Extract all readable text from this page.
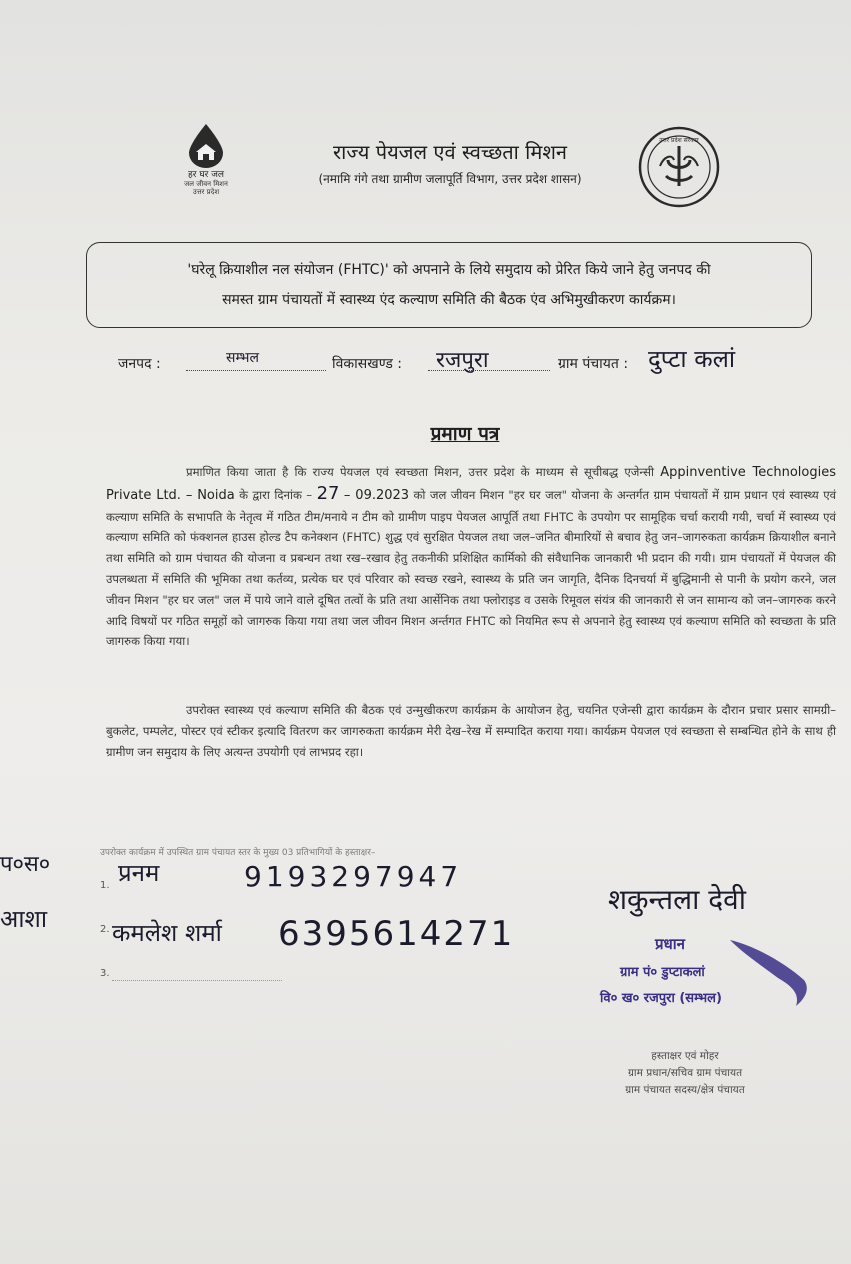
हर घर जल
जल जीवन मिशन
उत्तर प्रदेश
राज्य पेयजल एवं स्वच्छता मिशन
(नमामि गंगे तथा ग्रामीण जलापूर्ति विभाग, उत्तर प्रदेश शासन)
उत्तर प्रदेश सरकार
'घरेलू क्रियाशील नल संयोजन (FHTC)' को अपनाने के लिये समुदाय को प्रेरित किये जाने हेतु जनपद की
समस्त ग्राम पंचायतों में स्वास्थ्य एंद कल्याण समिति की बैठक एंव अभिमुखीकरण कार्यक्रम।
जनपद :	सम्भल	विकासखण्ड : रजपुरा	ग्राम पंचायत : दुप्टा कलां
प्रमाण पत्र
प्रमाणित किया जाता है कि राज्य पेयजल एवं स्वच्छता मिशन, उत्तर प्रदेश के माध्यम से सूचीबद्ध एजेन्सी Appinventive Technologies Private Ltd. – Noida के द्वारा दिनांक – 27 – 09.2023 को जल जीवन मिशन "हर घर जल" योजना के अन्तर्गत ग्राम पंचायतों में ग्राम प्रधान एवं स्वास्थ्य एवं कल्याण समिति के सभापति के नेतृत्व में गठित टीम/मनाये न टीम को ग्रामीण पाइप पेयजल आपूर्ति तथा FHTC के उपयोग पर सामूहिक चर्चा करायी गयी, चर्चा में स्वास्थ्य एवं कल्याण समिति को फंक्शनल हाउस होल्ड टैप कनेक्शन (FHTC) शुद्ध एवं सुरक्षित पेयजल तथा जल–जनित बीमारियों से बचाव हेतु जन–जागरुकता कार्यक्रम क्रियाशील बनाने तथा समिति को ग्राम पंचायत की योजना व प्रबन्धन तथा रख–रखाव हेतु तकनीकी प्रशिक्षित कार्मिको की संवैधानिक जानकारी भी प्रदान की गयी। ग्राम पंचायतों में पेयजल की उपलब्धता में समिति की भूमिका तथा कर्तव्य, प्रत्येक घर एवं परिवार को स्वच्छ रखने, स्वास्थ्य के प्रति जन जागृति, दैनिक दिनचर्या में बुद्धिमानी से पानी के प्रयोग करने, जल जीवन मिशन "हर घर जल" जल में पाये जाने वाले दूषित तत्वों के प्रति तथा आर्सेनिक तथा फ्लोराइड व उसके रिमूवल संयंत्र की जानकारी से जन सामान्य को जन–जागरुक करने आदि विषयों पर गठित समूहों को जागरुक किया गया तथा जल जीवन मिशन अर्न्तगत FHTC को नियमित रूप से अपनाने हेतु स्वास्थ्य एवं कल्याण समिति को स्वच्छता के प्रति जागरुक किया गया।
उपरोक्त स्वास्थ्य एवं कल्याण समिति की बैठक एवं उन्मुखीकरण कार्यक्रम के आयोजन हेतु, चयनित एजेन्सी द्वारा कार्यक्रम के दौरान प्रचार प्रसार सामग्री–बुकलेट, पम्पलेट, पोस्टर एवं स्टीकर इत्यादि वितरण कर जागरुकता कार्यक्रम मेरी देख–रेख में सम्पादित कराया गया। कार्यक्रम पेयजल एवं स्वच्छता से सम्बन्धित होने के साथ ही ग्रामीण जन समुदाय के लिए अत्यन्त उपयोगी एवं लाभप्रद रहा।
उपरोक्त कार्यक्रम में उपस्थित ग्राम पंचायत स्तर के मुख्य 03 प्रतिभागियों के हस्ताक्षर–
प०स०
आशा
1. प्रनम	9193297947
2. कमलेश शर्मा 6395614271
3.
शकुन्तला देवी
प्रधान
ग्राम पं० डुप्टाकलां
वि० ख० रजपुरा (सम्भल)
हस्ताक्षर एवं मोहर
ग्राम प्रधान/सचिव ग्राम पंचायत
ग्राम पंचायत सदस्य/क्षेत्र पंचायत
